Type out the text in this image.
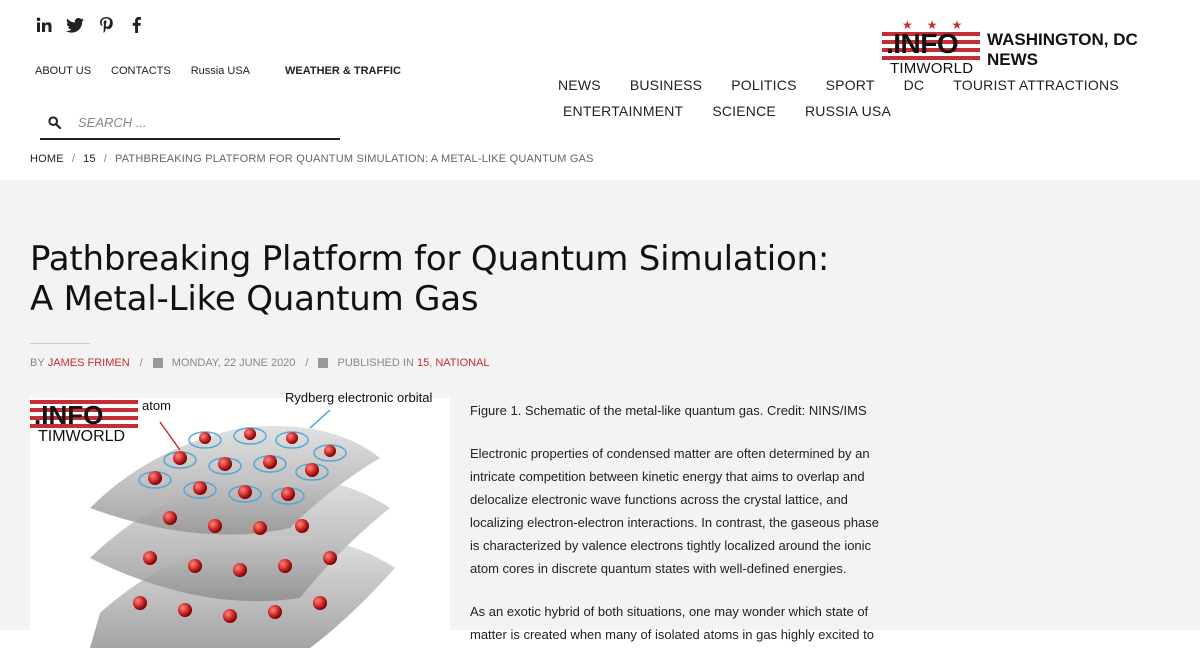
ABOUT US CONTACTS Russia USA	WEATHER & TRAFFIC
SEARCH ...
NEWS BUSINESS POLITICS SPORT DC TOURIST ATTRACTIONS
ENTERTAINMENT SCIENCE RUSSIA USA
★★★
.INFO
TIMWORLD
WASHINGTON, DC
NEWS
HOME / 15 / PATHBREAKING PLATFORM FOR QUANTUM SIMULATION: A METAL-LIKE QUANTUM GAS
Pathbreaking Platform for Quantum Simulation: A Metal-Like Quantum Gas
BY
JAMES FRIMEN /	MONDAY, 22 JUNE 2020 /	PUBLISHED IN
15 , NATIONAL
.INFO
TIMWORLD
atom
Rydberg electronic orbital

Figure 1. Schematic of the metal-like quantum gas. Credit: NINS/IMS

Electronic properties of condensed matter are often determined by an intricate competition between kinetic energy that aims to overlap and delocalize electronic wave functions across the crystal lattice, and localizing electron-electron interactions. In contrast, the gaseous phase is characterized by valence electrons tightly localized around the ionic atom cores in discrete quantum states with well-defined energies.

As an exotic hybrid of both situations, one may wonder which state of matter is created when many of isolated atoms in gas highly excited to
